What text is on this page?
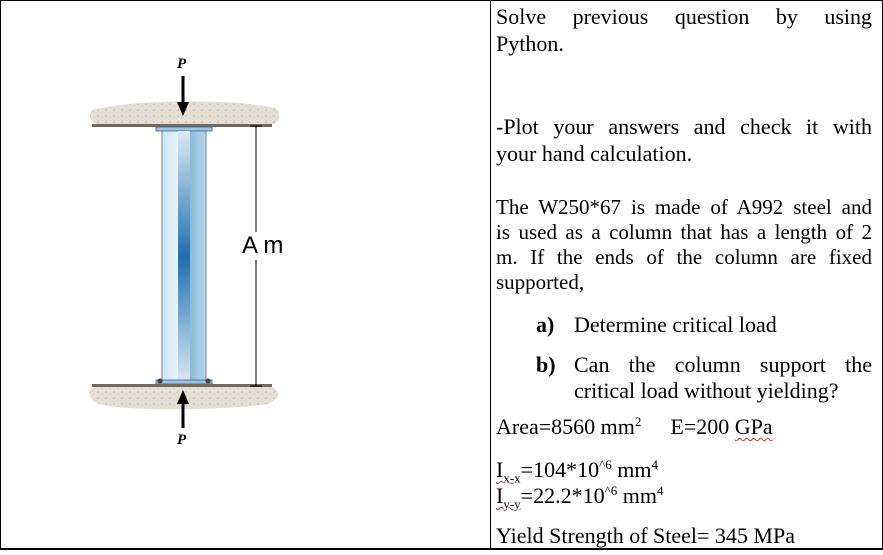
P
P
A m
Solve previous question by using
Python.
-Plot your answers and check it with
your hand calculation.
The W250*67 is made of A992 steel and
is used as a column that has a length of 2
m. If the ends of the column are fixed
supported,
a) Determine critical load
b) Can the column support the
critical load without yielding?
Area=8560 $mm^2$ E=200 GPa
$I_{x-x}=104*10^{\^{}6}$ $mm^4$
$I_{y-y}=22.2*10^{\^{}6}$ $mm^4$
Yield Strength of Steel= 345 MPa
